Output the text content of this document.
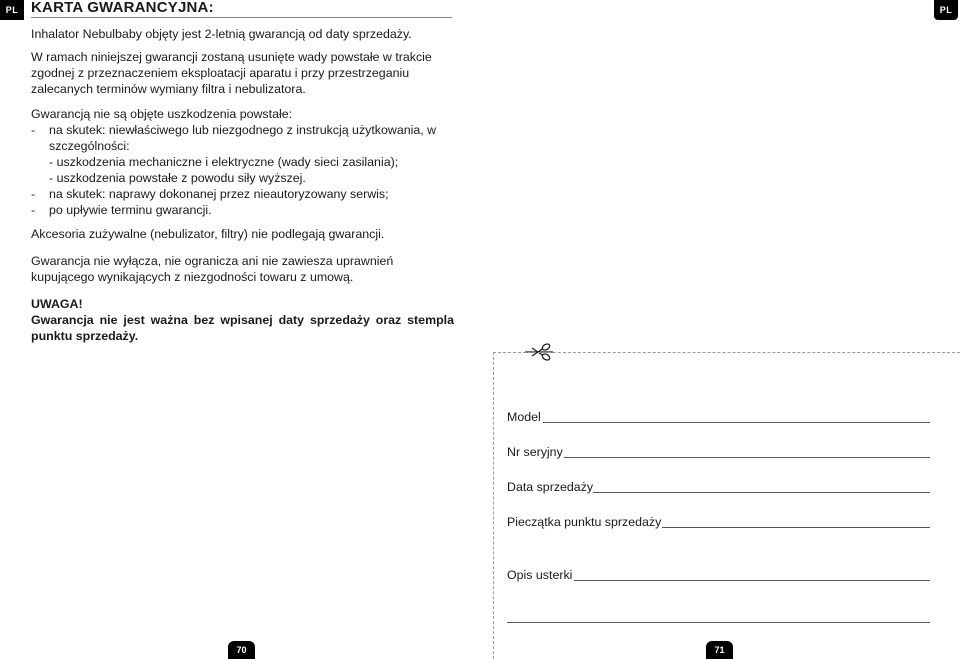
PL	PL
KARTA GWARANCYJNA:

Inhalator Nebulbaby objęty jest 2-letnią gwarancją od daty sprzedaży.

W ramach niniejszej gwarancji zostaną usunięte wady powstałe w trakcie zgodnej z przeznaczeniem eksploatacji aparatu i przy przestrzeganiu zalecanych terminów wymiany filtra i nebulizatora.

Gwarancją nie są objęte uszkodzenia powstałe:
- na skutek: niewłaściwego lub niezgodnego z instrukcją użytkowania, w
szczególności:
- uszkodzenia mechaniczne i elektryczne (wady sieci zasilania);
- uszkodzenia powstałe z powodu siły wyższej.
- na skutek: naprawy dokonanej przez nieautoryzowany serwis;
- po upływie terminu gwarancji.

Akcesoria zużywalne (nebulizator, filtry) nie podlegają gwarancji.

Gwarancja nie wyłącza, nie ogranicza ani nie zawiesza uprawnień kupującego wynikających z niezgodności towaru z umową.

UWAGA!
Gwarancja nie jest ważna bez wpisanej daty sprzedaży oraz stempla
punktu sprzedaży.
Model
Nr seryjny
Data sprzedaży
Pieczątka punktu sprzedaży
Opis usterki
70	71
